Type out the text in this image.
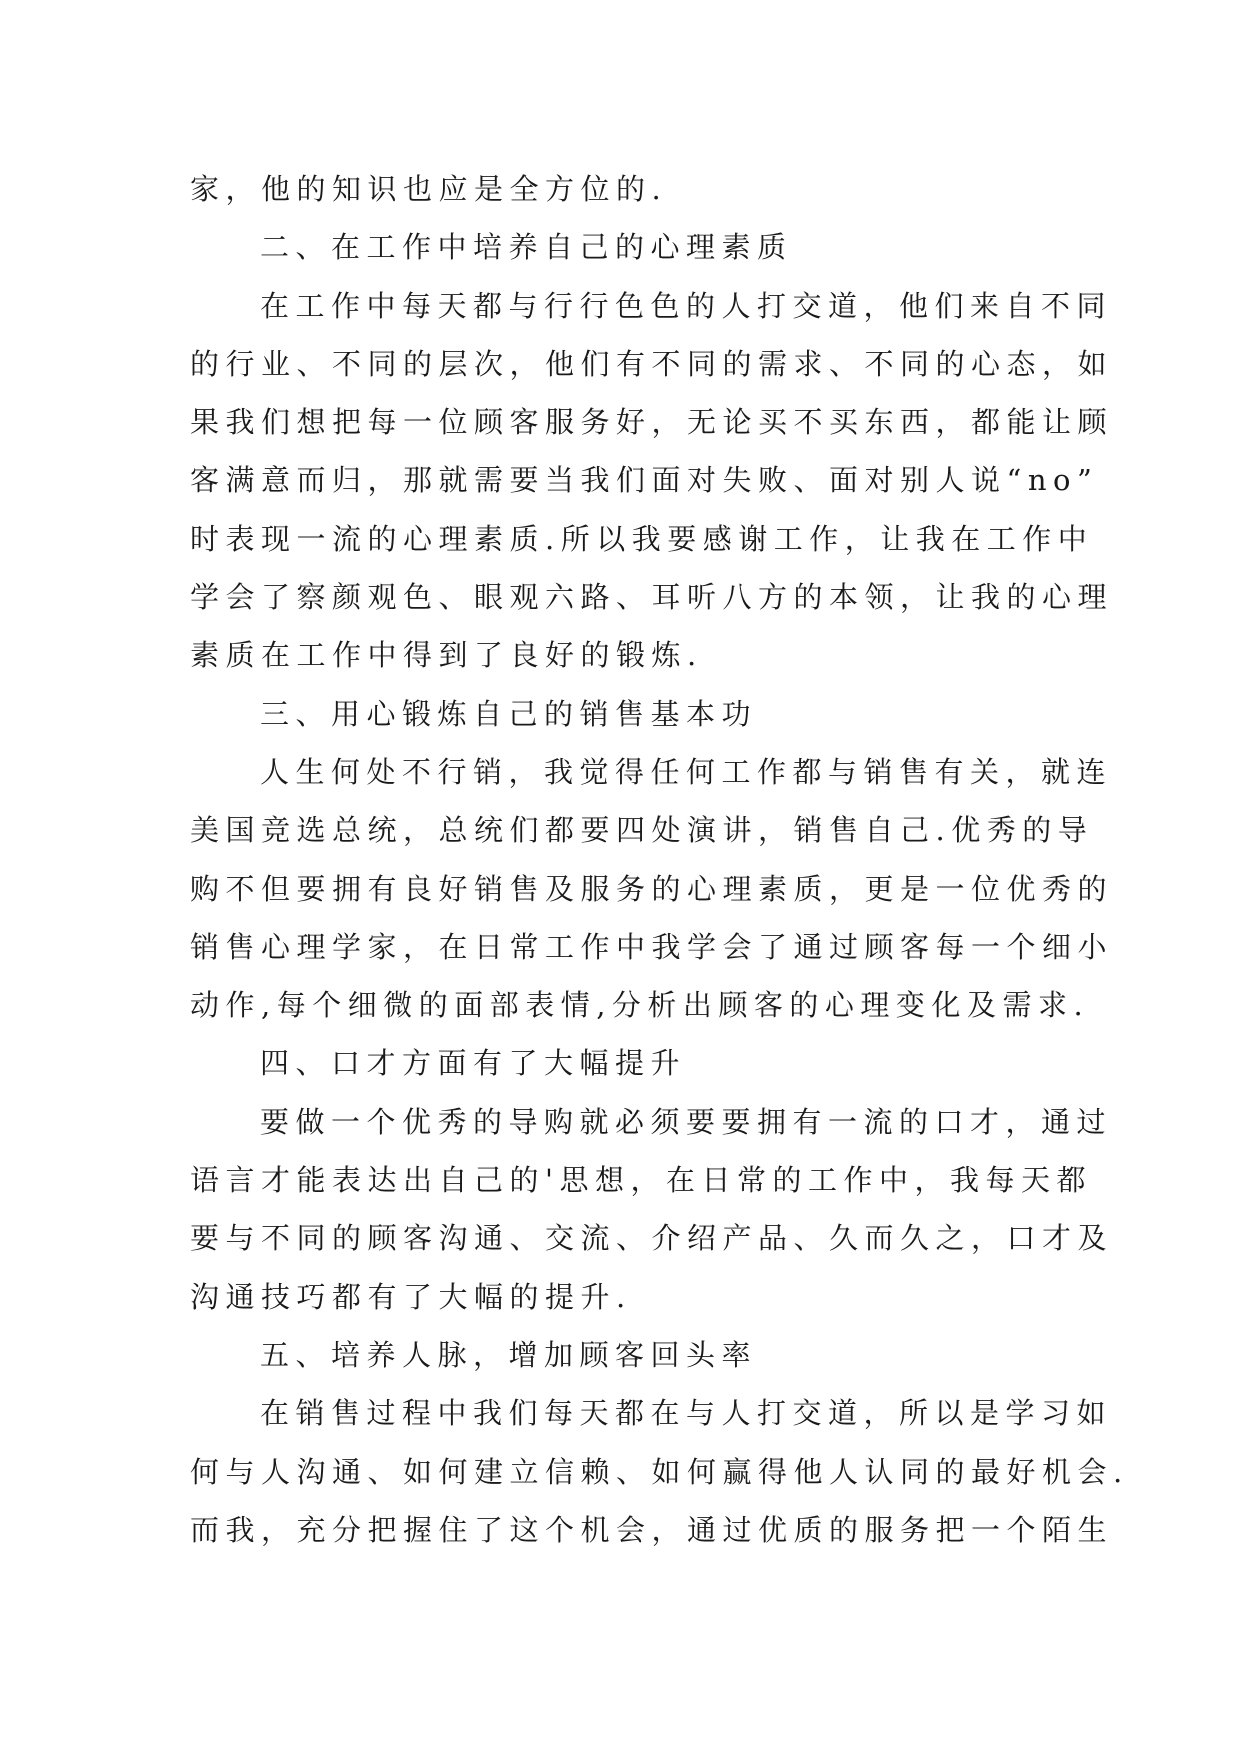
家，他的知识也应是全方位的.
二、在工作中培养自己的心理素质
在工作中每天都与行行色色的人打交道，他们来自不同
的行业、不同的层次，他们有不同的需求、不同的心态，如
果我们想把每一位顾客服务好，无论买不买东西，都能让顾
客满意而归，那就需要当我们面对失败、面对别人说“no”
时表现一流的心理素质.所以我要感谢工作，让我在工作中
学会了察颜观色、眼观六路、耳听八方的本领，让我的心理
素质在工作中得到了良好的锻炼.
三、用心锻炼自己的销售基本功
人生何处不行销，我觉得任何工作都与销售有关，就连
美国竞选总统，总统们都要四处演讲，销售自己.优秀的导
购不但要拥有良好销售及服务的心理素质，更是一位优秀的
销售心理学家，在日常工作中我学会了通过顾客每一个细小
动作,每个细微的面部表情,分析出顾客的心理变化及需求.
四、口才方面有了大幅提升
要做一个优秀的导购就必须要要拥有一流的口才，通过
语言才能表达出自己的'思想，在日常的工作中，我每天都
要与不同的顾客沟通、交流、介绍产品、久而久之，口才及
沟通技巧都有了大幅的提升.
五、培养人脉，增加顾客回头率
在销售过程中我们每天都在与人打交道，所以是学习如
何与人沟通、如何建立信赖、如何赢得他人认同的最好机会.
而我，充分把握住了这个机会，通过优质的服务把一个陌生
